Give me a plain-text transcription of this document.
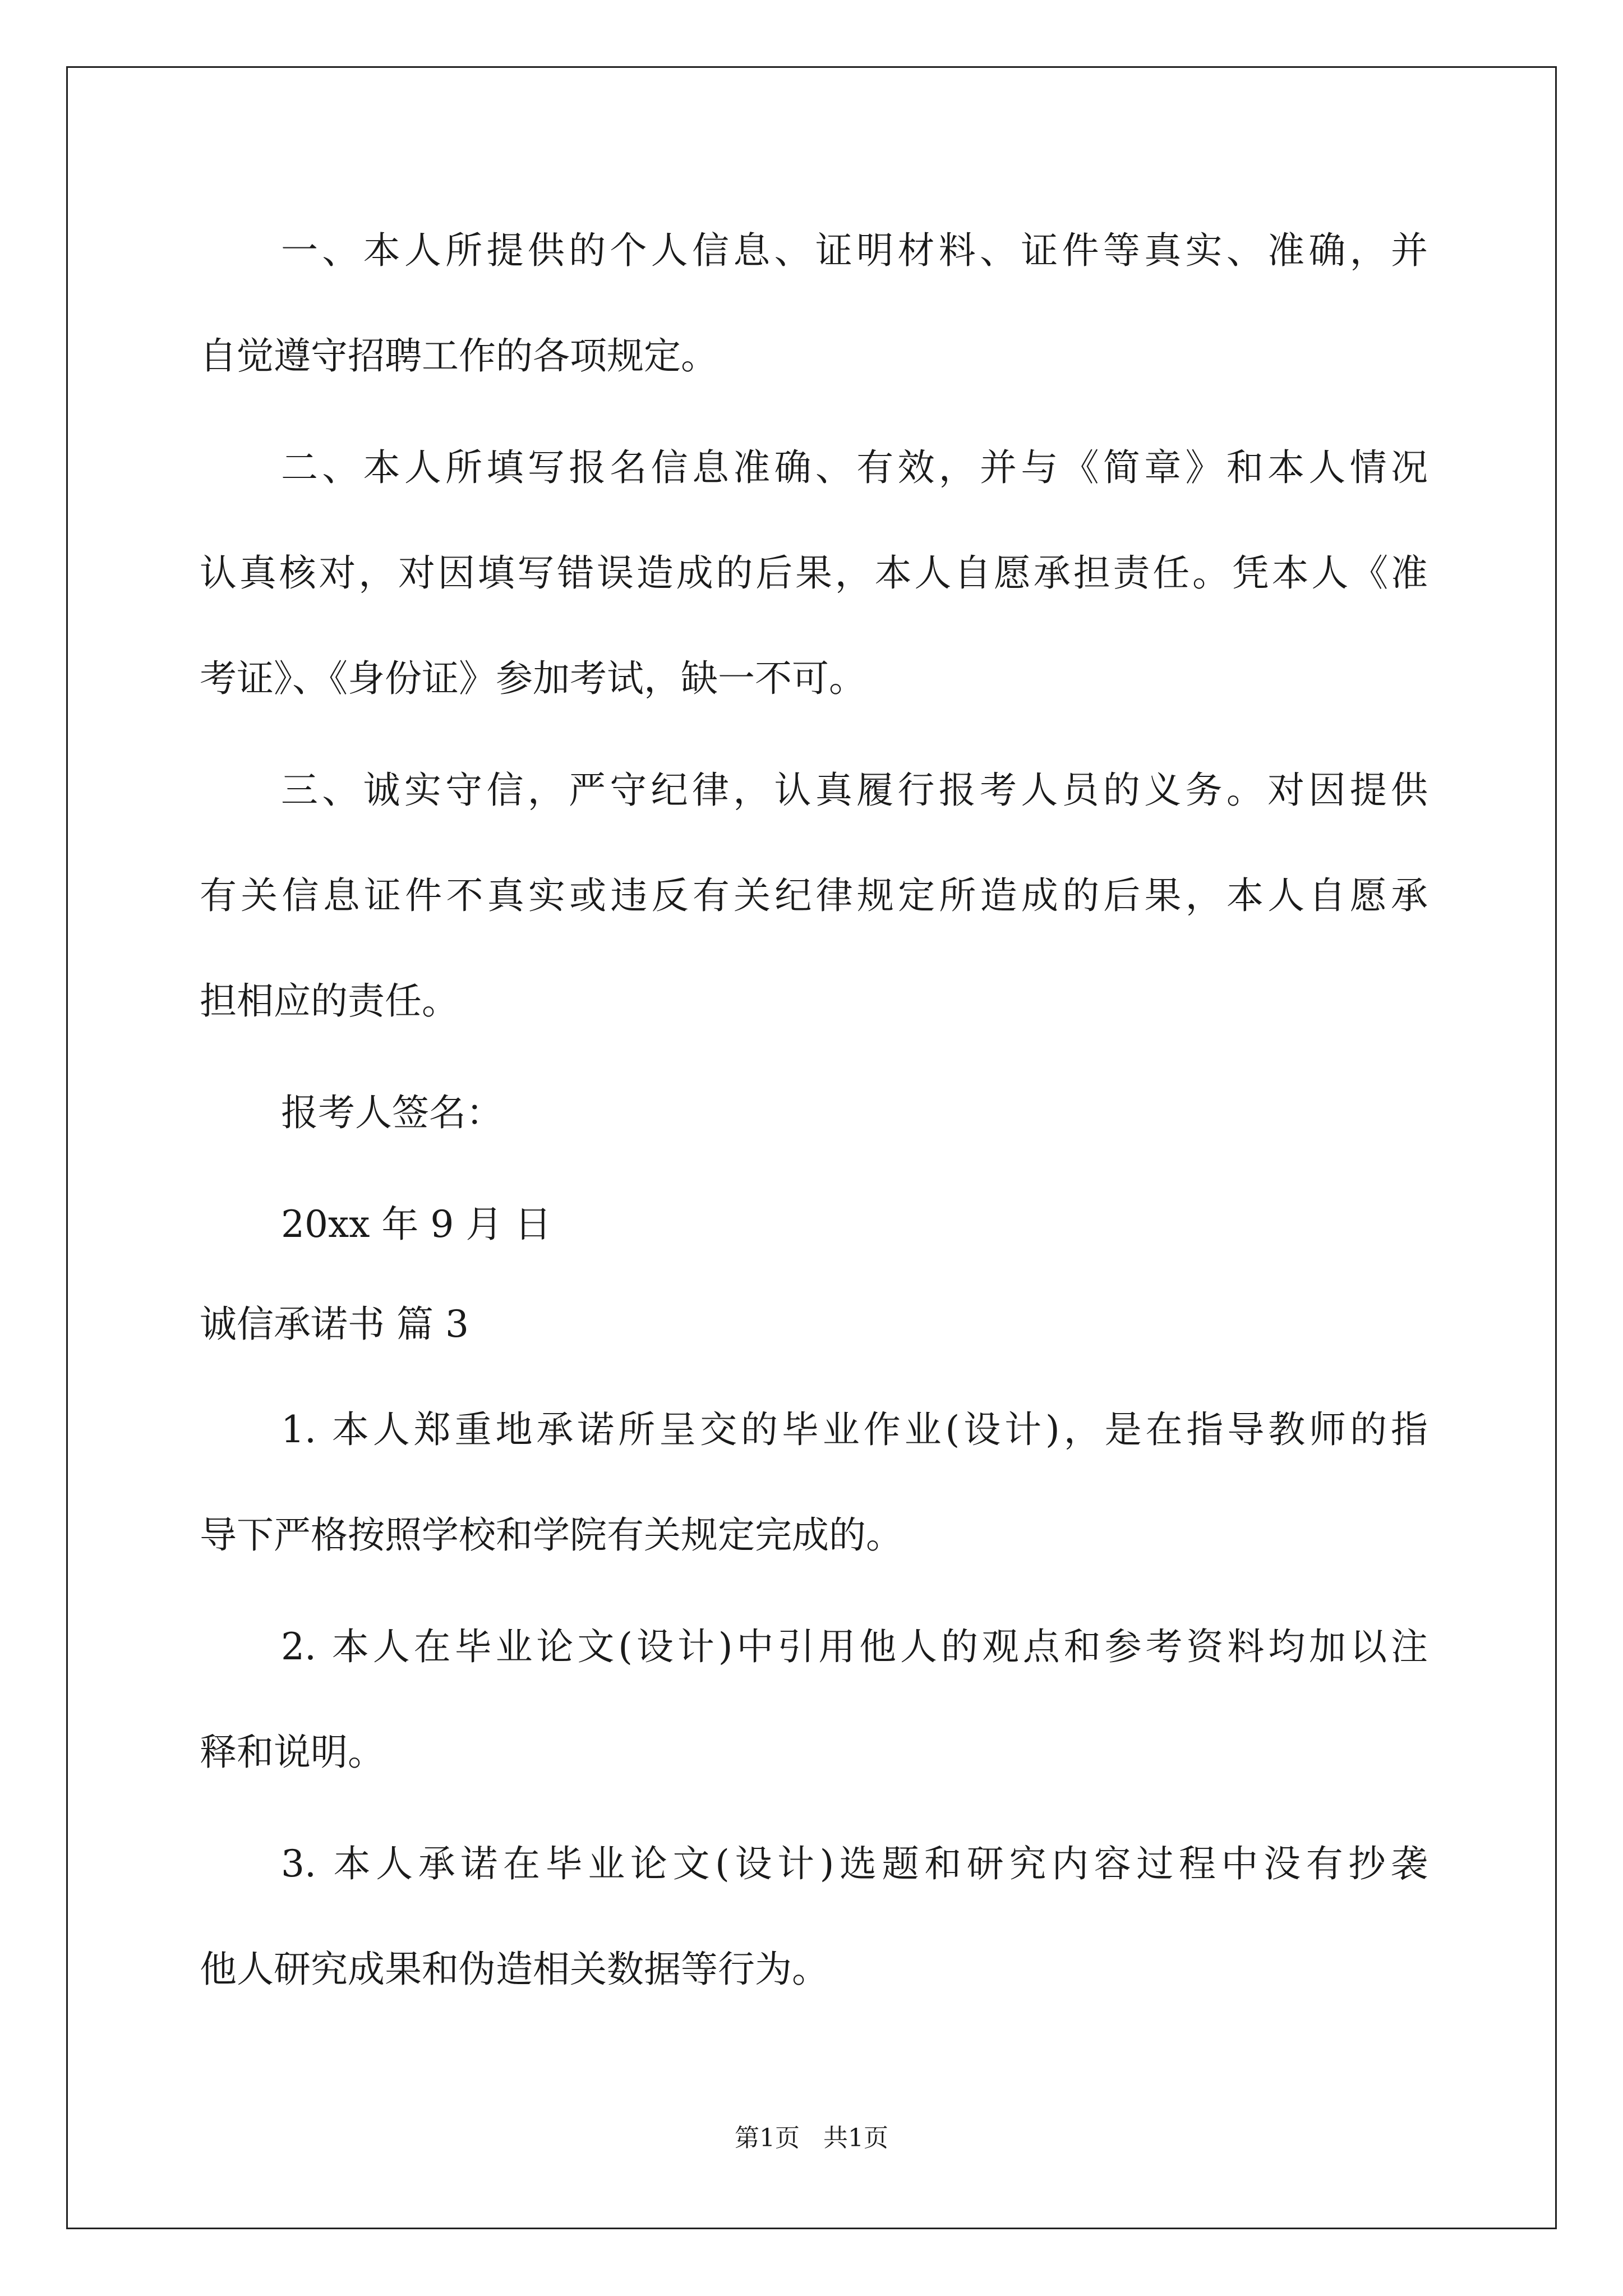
一、本人所提供的个人信息、证明材料、证件等真实、准确，并
自觉遵守招聘工作的各项规定。
二、本人所填写报名信息准确、有效，并与《简章》和本人情况
认真核对，对因填写错误造成的后果，本人自愿承担责任。凭本人《准
考证》、《身份证》参加考试，缺一不可。
三、诚实守信，严守纪律，认真履行报考人员的义务。对因提供
有关信息证件不真实或违反有关纪律规定所造成的后果，本人自愿承
担相应的责任。
报考人签名：
20xx 年 9 月 日
诚信承诺书 篇 3
1. 本人郑重地承诺所呈交的毕业作业(设计)，是在指导教师的指
导下严格按照学校和学院有关规定完成的。
2. 本人在毕业论文(设计)中引用他人的观点和参考资料均加以注
释和说明。
3. 本人承诺在毕业论文(设计)选题和研究内容过程中没有抄袭
他人研究成果和伪造相关数据等行为。
第1页   共1页
